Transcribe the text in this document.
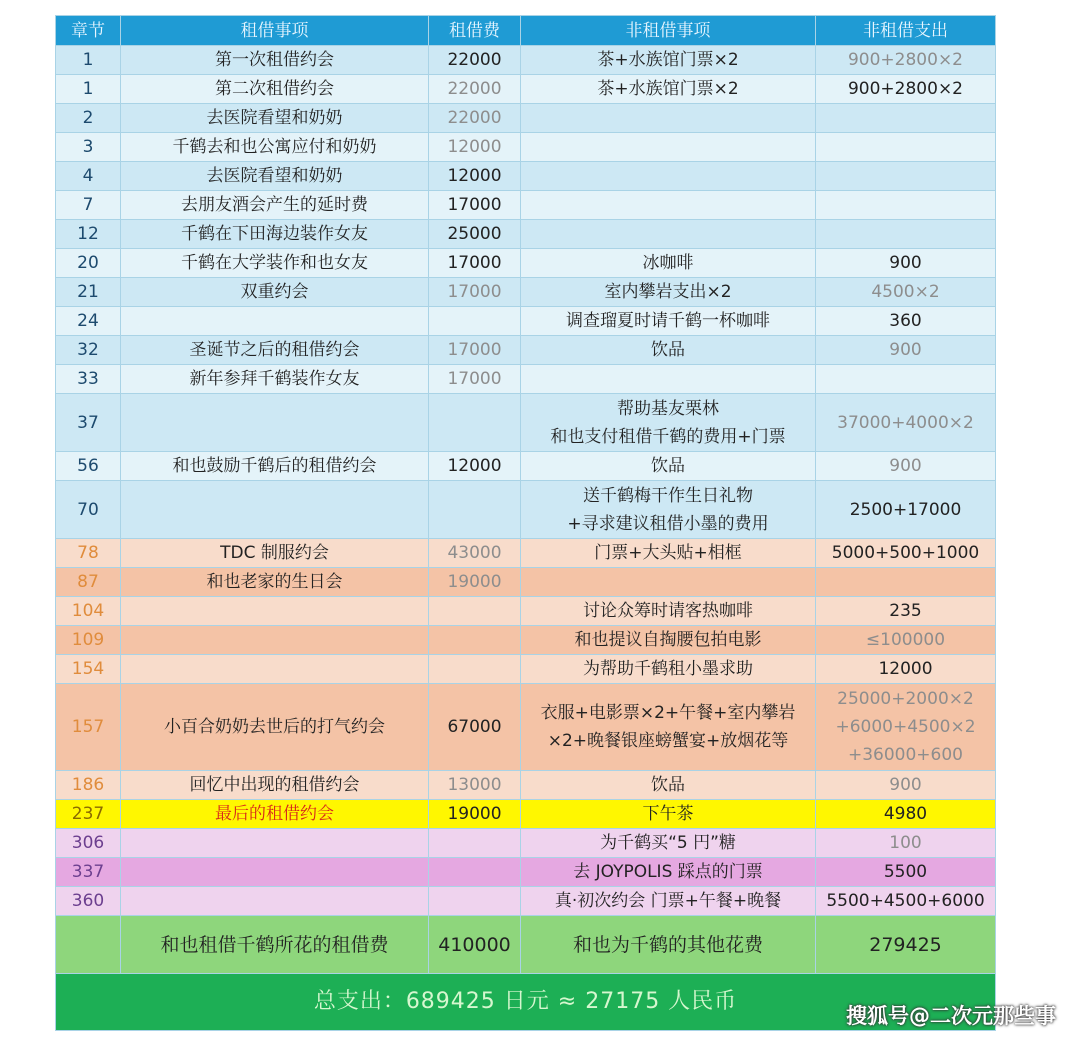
章节	租借事项	租借费	非租借事项	非租借支出
1	第一次租借约会	22000	茶+水族馆门票×2	900+2800×2
1	第二次租借约会	22000	茶+水族馆门票×2	900+2800×2
2	去医院看望和奶奶	22000		
3	千鹤去和也公寓应付和奶奶	12000		
4	去医院看望和奶奶	12000		
7	去朋友酒会产生的延时费	17000		
12	千鹤在下田海边装作女友	25000		
20	千鹤在大学装作和也女友	17000	冰咖啡	900
21	双重约会	17000	室内攀岩支出×2	4500×2
24			调查瑠夏时请千鹤一杯咖啡	360
32	圣诞节之后的租借约会	17000	饮品	900
33	新年参拜千鹤装作女友	17000		
37			帮助基友栗林
和也支付租借千鹤的费用+门票	37000+4000×2
56	和也鼓励千鹤后的租借约会	12000	饮品	900
70			送千鹤梅干作生日礼物
+寻求建议租借小墨的费用	2500+17000
78	TDC 制服约会	43000	门票+大头贴+相框	5000+500+1000
87	和也老家的生日会	19000		
104			讨论众筹时请客热咖啡	235
109			和也提议自掏腰包拍电影	≤100000
154			为帮助千鹤租小墨求助	12000
157	小百合奶奶去世后的打气约会	67000	衣服+电影票×2+午餐+室内攀岩
×2+晚餐银座螃蟹宴+放烟花等	25000+2000×2
+6000+4500×2
+36000+600
186	回忆中出现的租借约会	13000	饮品	900
237	最后的租借约会	19000	下午茶	4980
306			为千鹤买“5 円”糖	100
337			去 JOYPOLIS 踩点的门票	5500
360			真·初次约会 门票+午餐+晚餐	5500+4500+6000
	和也租借千鹤所花的租借费	410000	和也为千鹤的其他花费	279425
总支出：689425 日元 ≈ 27175 人民币				
搜狐号@二次元那些事
